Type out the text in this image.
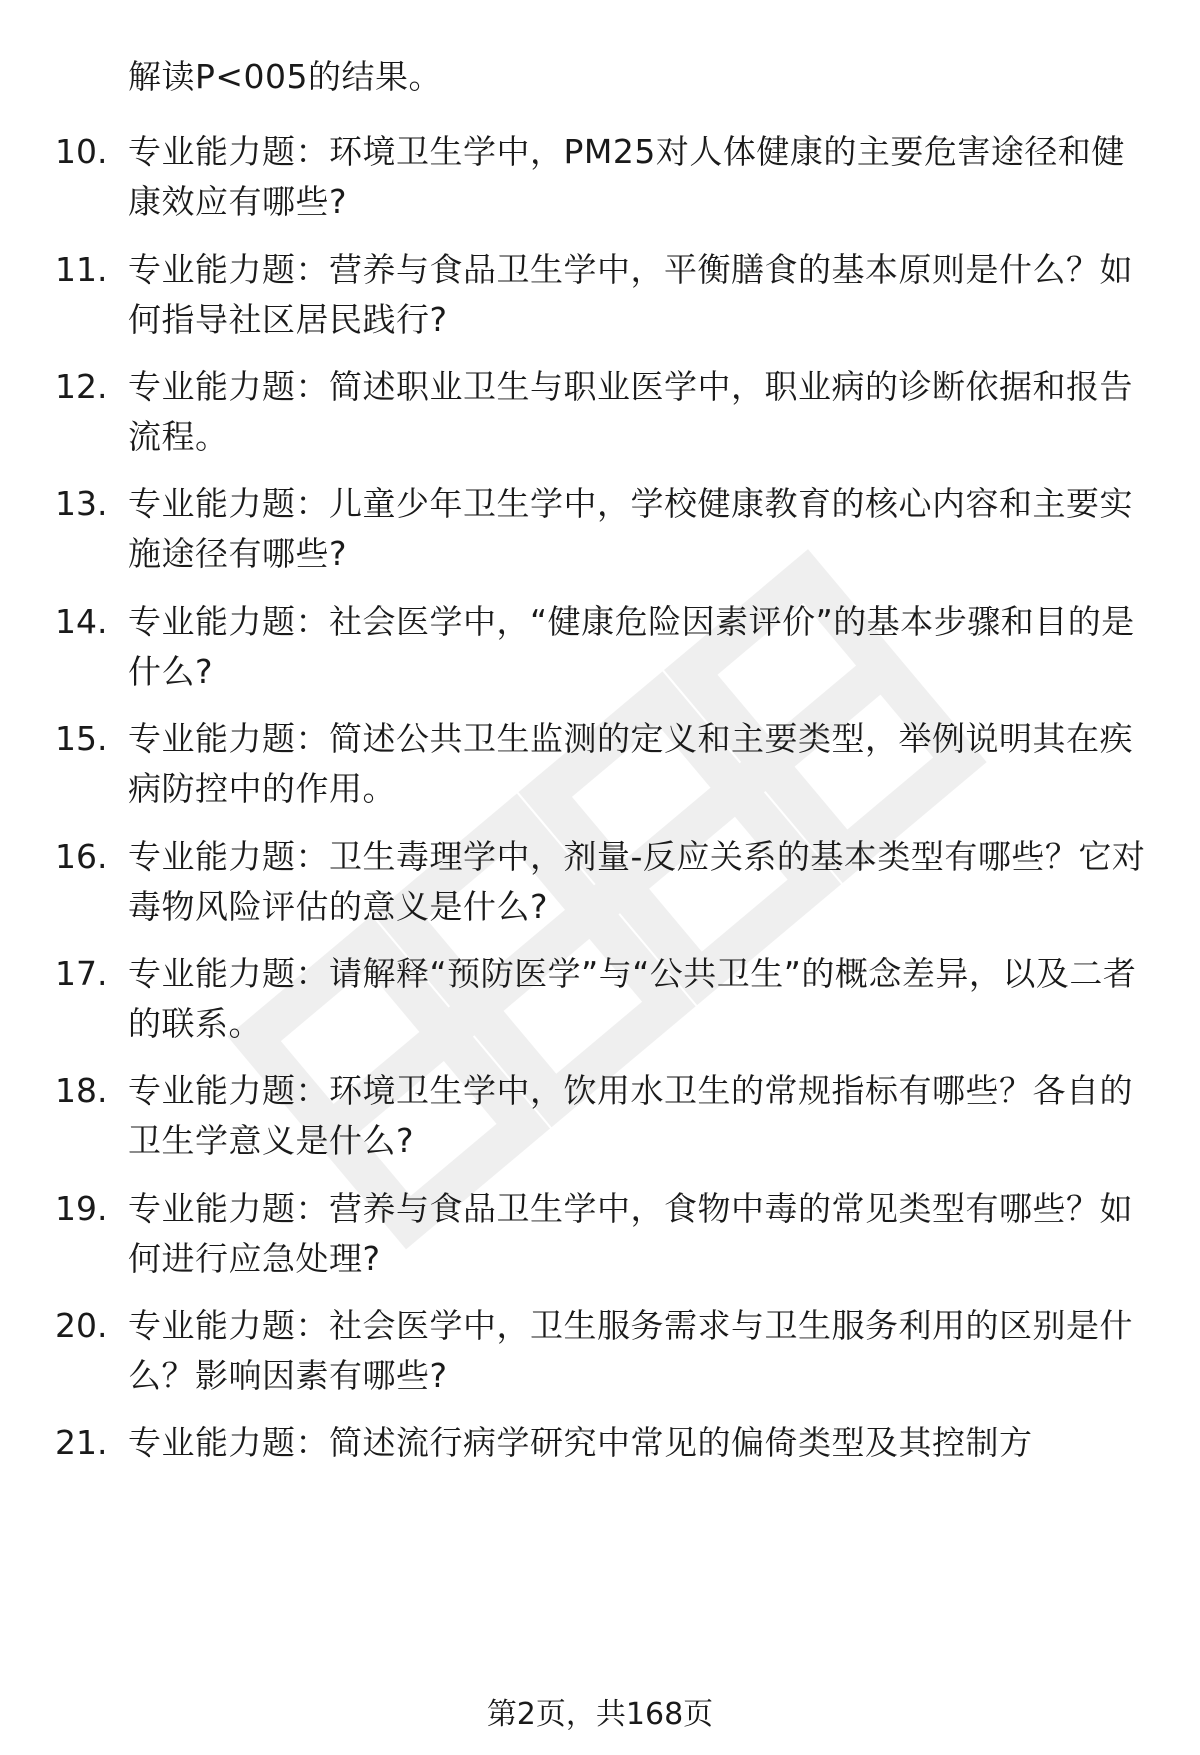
解读P<005的结果。
10. 专业能力题：环境卫生学中，PM25对人体健康的主要危害途径和健康效应有哪些?
11. 专业能力题：营养与食品卫生学中，平衡膳食的基本原则是什么？如何指导社区居民践行?
12. 专业能力题：简述职业卫生与职业医学中，职业病的诊断依据和报告流程。
13. 专业能力题：儿童少年卫生学中，学校健康教育的核心内容和主要实施途径有哪些?
14. 专业能力题：社会医学中，“健康危险因素评价”的基本步骤和目的是什么?
15. 专业能力题：简述公共卫生监测的定义和主要类型，举例说明其在疾病防控中的作用。
16. 专业能力题：卫生毒理学中，剂量-反应关系的基本类型有哪些？它对毒物风险评估的意义是什么?
17. 专业能力题：请解释“预防医学”与“公共卫生”的概念差异，以及二者的联系。
18. 专业能力题：环境卫生学中，饮用水卫生的常规指标有哪些？各自的卫生学意义是什么?
19. 专业能力题：营养与食品卫生学中，食物中毒的常见类型有哪些？如何进行应急处理?
20. 专业能力题：社会医学中，卫生服务需求与卫生服务利用的区别是什么？影响因素有哪些?
21. 专业能力题：简述流行病学研究中常见的偏倚类型及其控制方
第2页，共168页
